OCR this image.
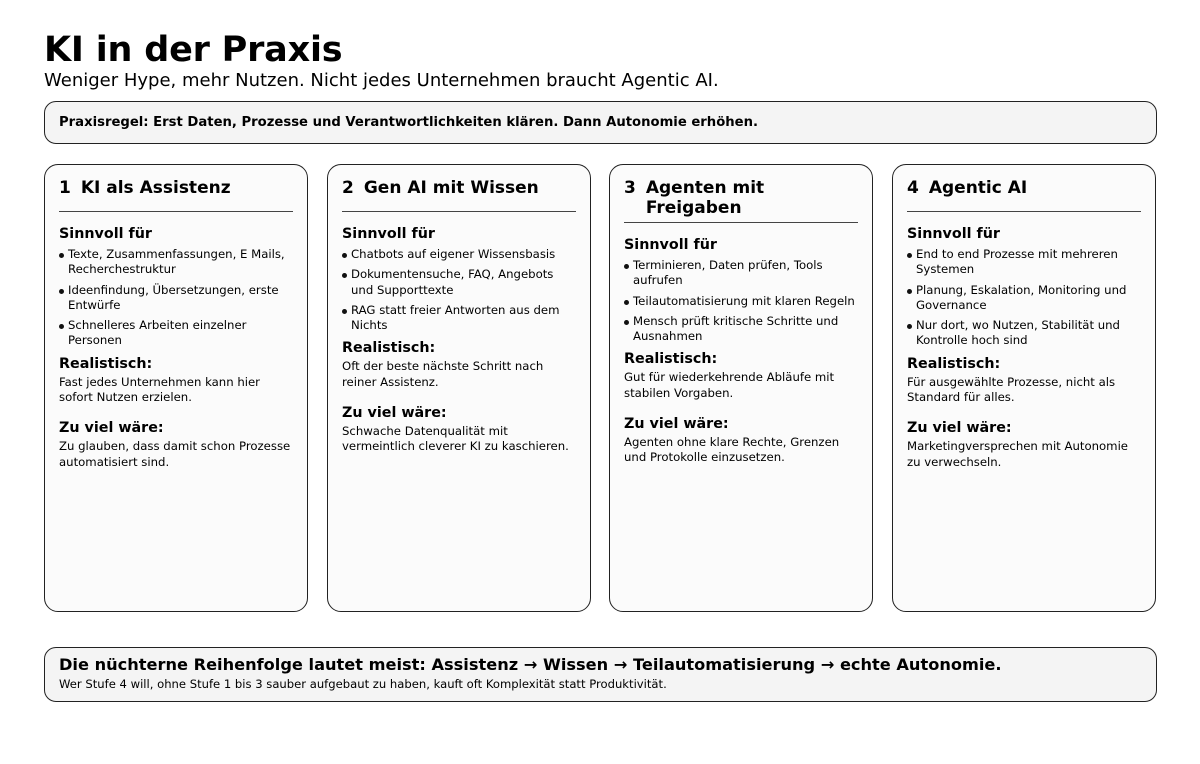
KI in der Praxis
Weniger Hype, mehr Nutzen. Nicht jedes Unternehmen braucht Agentic AI.
Praxisregel: Erst Daten, Prozesse und Verantwortlichkeiten klären. Dann Autonomie erhöhen.
1 KI als Assistenz
Sinnvoll für
Texte, Zusammenfassungen, E Mails, Recherchestruktur
Ideenfindung, Übersetzungen, erste Entwürfe
Schnelleres Arbeiten einzelner Personen
Realistisch:
Fast jedes Unternehmen kann hier sofort Nutzen erzielen.
Zu viel wäre:
Zu glauben, dass damit schon Prozesse automatisiert sind.
2 Gen AI mit Wissen
Sinnvoll für
Chatbots auf eigener Wissensbasis
Dokumentensuche, FAQ, Angebots und Supporttexte
RAG statt freier Antworten aus dem Nichts
Realistisch:
Oft der beste nächste Schritt nach reiner Assistenz.
Zu viel wäre:
Schwache Datenqualität mit vermeintlich cleverer KI zu kaschieren.
3 Agenten mit Freigaben
Sinnvoll für
Terminieren, Daten prüfen, Tools aufrufen
Teilautomatisierung mit klaren Regeln
Mensch prüft kritische Schritte und Ausnahmen
Realistisch:
Gut für wiederkehrende Abläufe mit stabilen Vorgaben.
Zu viel wäre:
Agenten ohne klare Rechte, Grenzen und Protokolle einzusetzen.
4 Agentic AI
Sinnvoll für
End to end Prozesse mit mehreren Systemen
Planung, Eskalation, Monitoring und Governance
Nur dort, wo Nutzen, Stabilität und Kontrolle hoch sind
Realistisch:
Für ausgewählte Prozesse, nicht als Standard für alles.
Zu viel wäre:
Marketingversprechen mit Autonomie zu verwechseln.
Die nüchterne Reihenfolge lautet meist: Assistenz → Wissen → Teilautomatisierung → echte Autonomie.
Wer Stufe 4 will, ohne Stufe 1 bis 3 sauber aufgebaut zu haben, kauft oft Komplexität statt Produktivität.
